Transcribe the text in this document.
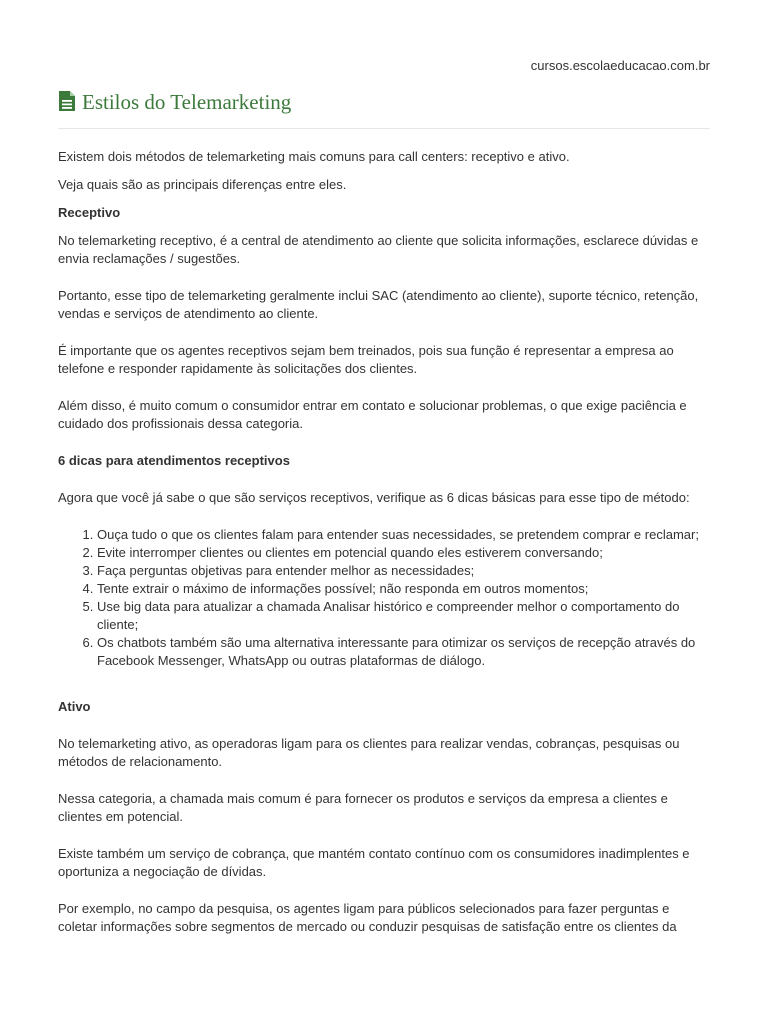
cursos.escolaeducacao.com.br
Estilos do Telemarketing

Existem dois métodos de telemarketing mais comuns para call centers: receptivo e ativo.

Veja quais são as principais diferenças entre eles.

Receptivo

No telemarketing receptivo, é a central de atendimento ao cliente que solicita informações, esclarece dúvidas e envia reclamações / sugestões.

Portanto, esse tipo de telemarketing geralmente inclui SAC (atendimento ao cliente), suporte técnico, retenção, vendas e serviços de atendimento ao cliente.

É importante que os agentes receptivos sejam bem treinados, pois sua função é representar a empresa ao telefone e responder rapidamente às solicitações dos clientes.

Além disso, é muito comum o consumidor entrar em contato e solucionar problemas, o que exige paciência e cuidado dos profissionais dessa categoria.

6 dicas para atendimentos receptivos

Agora que você já sabe o que são serviços receptivos, verifique as 6 dicas básicas para esse tipo de método:

1. Ouça tudo o que os clientes falam para entender suas necessidades, se pretendem comprar e reclamar;
2. Evite interromper clientes ou clientes em potencial quando eles estiverem conversando;
3. Faça perguntas objetivas para entender melhor as necessidades;
4. Tente extrair o máximo de informações possível; não responda em outros momentos;
5. Use big data para atualizar a chamada Analisar histórico e compreender melhor o comportamento do cliente;
6. Os chatbots também são uma alternativa interessante para otimizar os serviços de recepção através do Facebook Messenger, WhatsApp ou outras plataformas de diálogo.

Ativo

No telemarketing ativo, as operadoras ligam para os clientes para realizar vendas, cobranças, pesquisas ou métodos de relacionamento.

Nessa categoria, a chamada mais comum é para fornecer os produtos e serviços da empresa a clientes e clientes em potencial.

Existe também um serviço de cobrança, que mantém contato contínuo com os consumidores inadimplentes e oportuniza a negociação de dívidas.

Por exemplo, no campo da pesquisa, os agentes ligam para públicos selecionados para fazer perguntas e coletar informações sobre segmentos de mercado ou conduzir pesquisas de satisfação entre os clientes da
